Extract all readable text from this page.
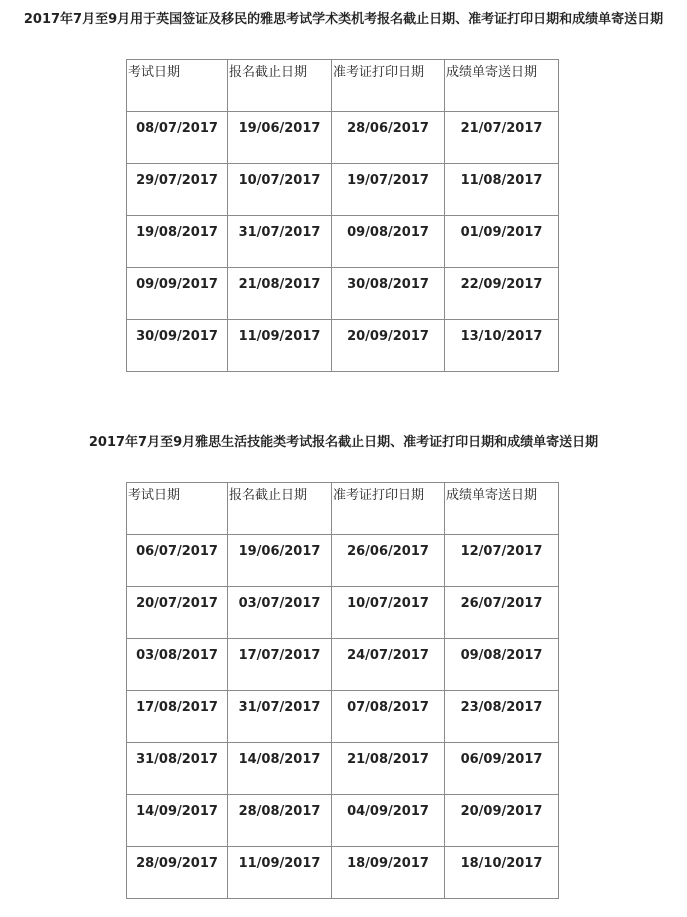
2017年7月至9月用于英国签证及移民的雅思考试学术类机考报名截止日期、准考证打印日期和成绩单寄送日期
考试日期	报名截止日期	准考证打印日期	成绩单寄送日期
08/07/2017	19/06/2017	28/06/2017	21/07/2017
29/07/2017	10/07/2017	19/07/2017	11/08/2017
19/08/2017	31/07/2017	09/08/2017	01/09/2017
09/09/2017	21/08/2017	30/08/2017	22/09/2017
30/09/2017	11/09/2017	20/09/2017	13/10/2017
2017年7月至9月雅思生活技能类考试报名截止日期、准考证打印日期和成绩单寄送日期
考试日期	报名截止日期	准考证打印日期	成绩单寄送日期
06/07/2017	19/06/2017	26/06/2017	12/07/2017
20/07/2017	03/07/2017	10/07/2017	26/07/2017
03/08/2017	17/07/2017	24/07/2017	09/08/2017
17/08/2017	31/07/2017	07/08/2017	23/08/2017
31/08/2017	14/08/2017	21/08/2017	06/09/2017
14/09/2017	28/08/2017	04/09/2017	20/09/2017
28/09/2017	11/09/2017	18/09/2017	18/10/2017
